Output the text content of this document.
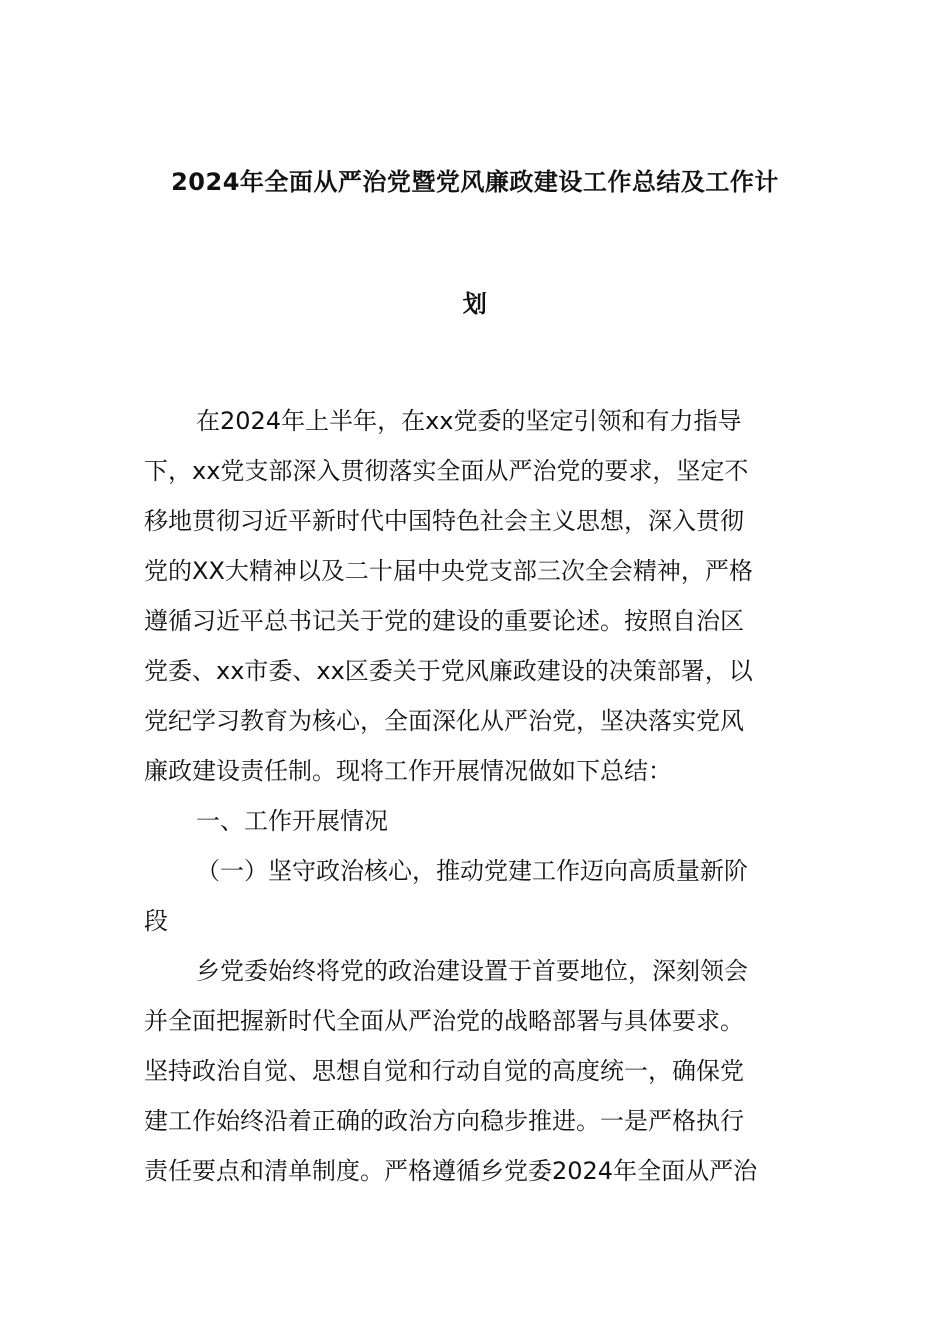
2024年全面从严治党暨党风廉政建设工作总结及工作计
划
在2024年上半年，在xx党委的坚定引领和有力指导
下，xx党支部深入贯彻落实全面从严治党的要求，坚定不
移地贯彻习近平新时代中国特色社会主义思想，深入贯彻
党的XX大精神以及二十届中央党支部三次全会精神，严格
遵循习近平总书记关于党的建设的重要论述。按照自治区
党委、xx市委、xx区委关于党风廉政建设的决策部署，以
党纪学习教育为核心，全面深化从严治党，坚决落实党风
廉政建设责任制。现将工作开展情况做如下总结：
一、工作开展情况
（一）坚守政治核心，推动党建工作迈向高质量新阶
段
乡党委始终将党的政治建设置于首要地位，深刻领会
并全面把握新时代全面从严治党的战略部署与具体要求。
坚持政治自觉、思想自觉和行动自觉的高度统一，确保党
建工作始终沿着正确的政治方向稳步推进。一是严格执行
责任要点和清单制度。严格遵循乡党委2024年全面从严治
